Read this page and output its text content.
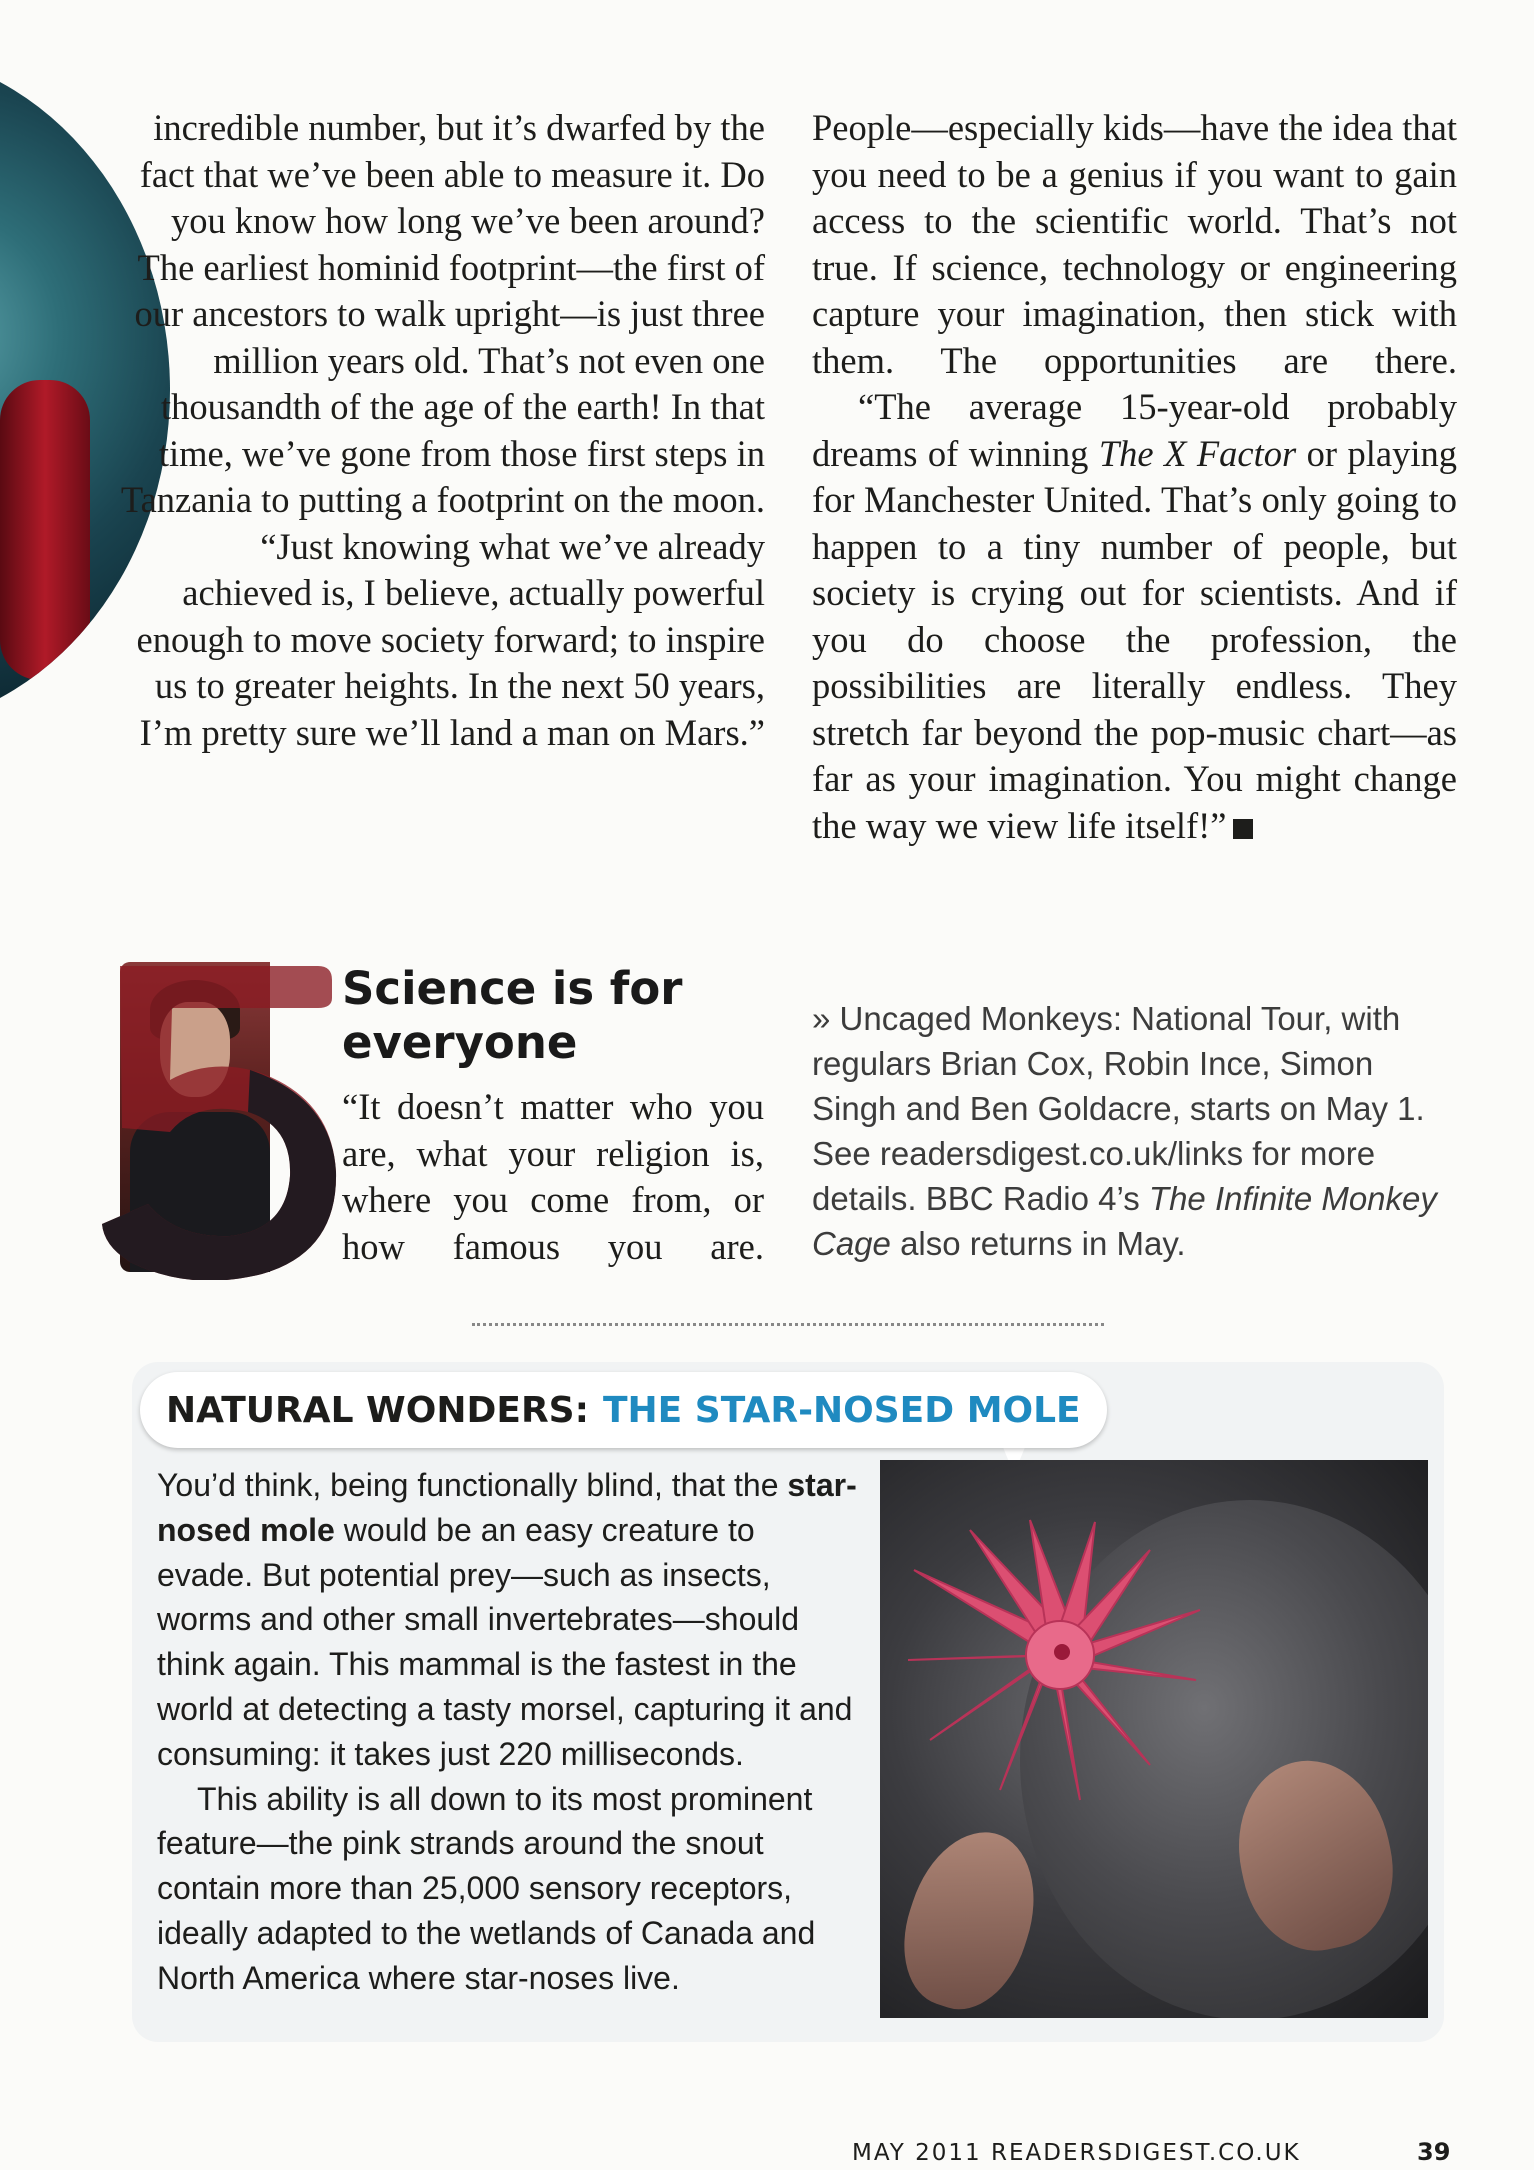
incredible number, but it’s dwarfed by the fact that we’ve been able to measure it. Do you know how long we’ve been around? The earliest hominid footprint—the first of our ancestors to walk upright—is just three million years old. That’s not even one thousandth of the age of the earth! In that time, we’ve gone from those first steps in Tanzania to putting a footprint on the moon.

“Just knowing what we’ve already achieved is, I believe, actually powerful enough to move society forward; to inspire us to greater heights. In the next 50 years, I’m pretty sure we’ll land a man on Mars.”

People—especially kids—have the idea that you need to be a genius if you want to gain access to the scientific world. That’s not true. If science, technology or engineering capture your imagination, then stick with them. The opportunities are there.

“The average 15-year-old probably dreams of winning The X Factor or playing for Manchester United. That’s only going to happen to a tiny number of people, but society is crying out for scientists. And if you do choose the profession, the possibilities are literally endless. They stretch far beyond the pop-music chart—as far as your imagination. You might change the way we view life itself!”

Science is for everyone

“It doesn’t matter who you are, what your religion is, where you come from, or how famous you are.

» Uncaged Monkeys: National Tour, with regulars Brian Cox, Robin Ince, Simon Singh and Ben Goldacre, starts on May 1. See readersdigest.co.uk/links for more details. BBC Radio 4’s The Infinite Monkey Cage also returns in May.

NATURAL WONDERS: THE STAR-NOSED MOLE

You’d think, being functionally blind, that the star-nosed mole would be an easy creature to evade. But potential prey—such as insects, worms and other small invertebrates—should think again. This mammal is the fastest in the world at detecting a tasty morsel, capturing it and consuming: it takes just 220 milliseconds.

This ability is all down to its most prominent feature—the pink strands around the snout contain more than 25,000 sensory receptors, ideally adapted to the wetlands of Canada and North America where star-noses live.

MAY 2011 READERSDIGEST.CO.UK	39
